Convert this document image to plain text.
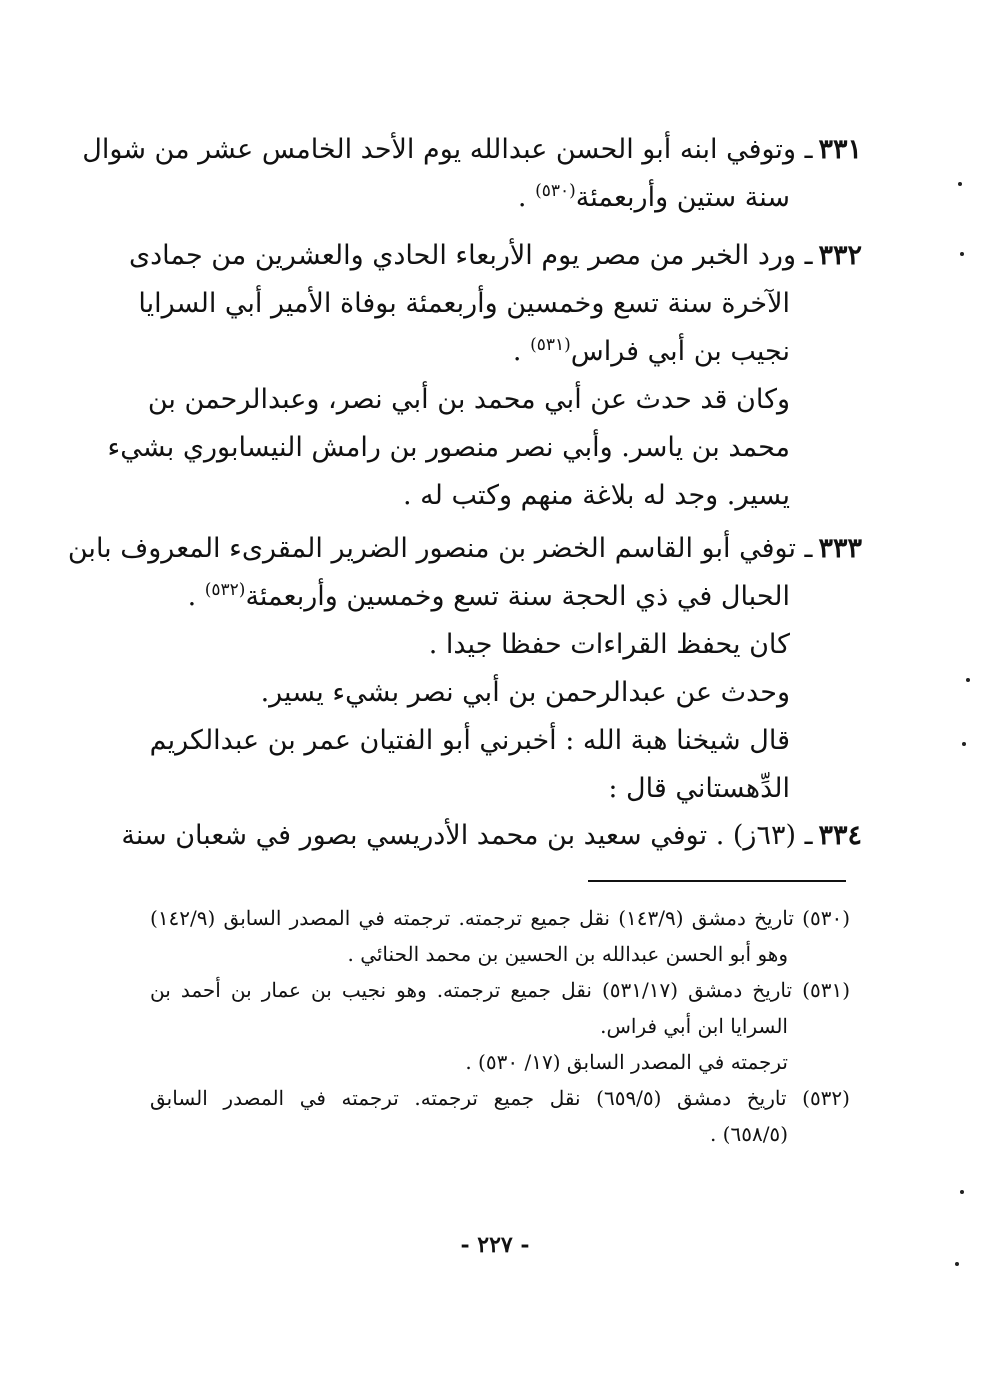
٣٣١ـ وتوفي ابنه أبو الحسن عبدالله يوم الأحد الخامس عشر من شوال
سنة ستين وأربعمئة$^{(٥٣٠)}$ .
٣٣٢ـ ورد الخبر من مصر يوم الأربعاء الحادي والعشرين من جمادى
الآخرة سنة تسع وخمسين وأربعمئة بوفاة الأمير أبي السرايا
نجيب بن أبي فراس$^{(٥٣١)}$ .
وكان قد حدث عن أبي محمد بن أبي نصر، وعبدالرحمن بن
محمد بن ياسر. وأبي نصر منصور بن رامش النيسابوري بشيء
يسير. وجد له بلاغة منهم وكتب له .
٣٣٣ـ توفي أبو القاسم الخضر بن منصور الضرير المقرىء المعروف بابن
الحبال في ذي الحجة سنة تسع وخمسين وأربعمئة$^{(٥٣٢)}$ .
كان يحفظ القراءات حفظا جيدا .
وحدث عن عبدالرحمن بن أبي نصر بشيء يسير.
قال شيخنا هبة الله : أخبرني أبو الفتيان عمر بن عبدالكريم
الدِّهستاني قال :
٣٣٤ـ (٦٣ز) . توفي سعيد بن محمد الأدريسي بصور في شعبان سنة
(٥٣٠) تاريخ دمشق (١٤٣/٩) نقل جميع ترجمته. ترجمته في المصدر السابق (١٤٢/٩)
وهو أبو الحسن عبدالله بن الحسين بن محمد الحنائي .
(٥٣١) تاريخ دمشق (٥٣١/١٧) نقل جميع ترجمته. وهو نجيب بن عمار بن أحمد بن
السرايا ابن أبي فراس.
ترجمته في المصدر السابق (١٧/ ٥٣٠) .
(٥٣٢) تاريخ دمشق (٦٥٩/٥) نقل جميع ترجمته. ترجمته في المصدر السابق
(٦٥٨/٥) .
- ٢٢٧ -
